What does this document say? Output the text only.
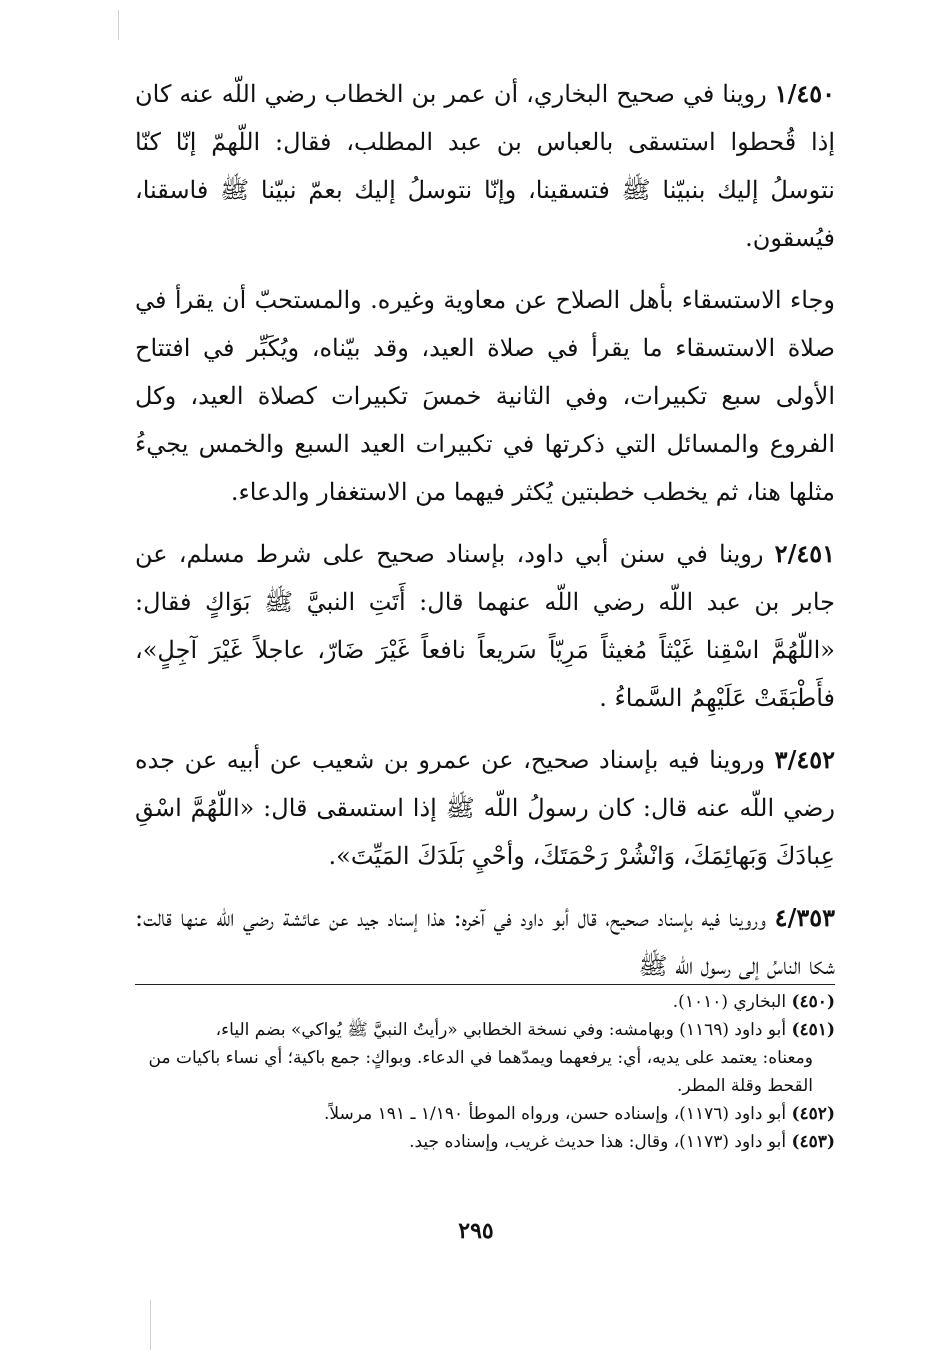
١/٤٥٠ روينا في صحيح البخاري، أن عمر بن الخطاب رضي اللّه عنه كان إذا قُحطوا استسقى بالعباس بن عبد المطلب، فقال: اللّهمّ إنّا كنّا نتوسلُ إليك بنبيّنا ﷺ فتسقينا، وإنّا نتوسلُ إليك بعمّ نبيّنا ﷺ فاسقنا، فيُسقون.

وجاء الاستسقاء بأهل الصلاح عن معاوية وغيره. والمستحبّ أن يقرأ في صلاة الاستسقاء ما يقرأ في صلاة العيد، وقد بيّناه، ويُكَبِّر في افتتاح الأولى سبع تكبيرات، وفي الثانية خمسَ تكبيرات كصلاة العيد، وكل الفروع والمسائل التي ذكرتها في تكبيرات العيد السبع والخمس يجيءُ مثلها هنا، ثم يخطب خطبتين يُكثر فيهما من الاستغفار والدعاء.

٢/٤٥١ روينا في سنن أبي داود، بإسناد صحيح على شرط مسلم، عن جابر بن عبد اللّه رضي اللّه عنهما قال: أَتَتِ النبيَّ ﷺ بَوَاكٍ فقال: «اللّهُمَّ اسْقِنا غَيْثاً مُغيثاً مَرِيّاً سَريعاً نافعاً غَيْرَ ضَارّ، عاجلاً غَيْرَ آجِلٍ»، فأَطْبَقَتْ عَلَيْهِمُ السَّماءُ .

٣/٤٥٢ وروينا فيه بإسناد صحيح، عن عمرو بن شعيب عن أبيه عن جده رضي اللّه عنه قال: كان رسولُ اللّه ﷺ إذا استسقى قال: «اللّهُمَّ اسْقِ عِبادَكَ وَبَهائِمَكَ، وَانْشُرْ رَحْمَتَكَ، وأحْيِ بَلَدَكَ المَيِّتَ».

٤/٣٥٣ وروينا فيه بإسناد صحيح، قال أبو داود في آخره: هذا إسناد جيد عن عائشة رضي اللّه عنها قالت: شكا الناسُ إلى رسول اللّه ﷺ

(٤٥٠) البخاري (١٠١٠).

(٤٥١) أبو داود (١١٦٩) وبهامشه: وفي نسخة الخطابي «رأيتُ النبيَّ ﷺ يُواكي» بضم الياء،

ومعناه: يعتمد على يديه، أي: يرفعهما ويمدّهما في الدعاء. وبواكٍ: جمع باكية؛ أي نساء باكيات من القحط وقلة المطر.

(٤٥٢) أبو داود (١١٧٦)، وإسناده حسن، ورواه الموطأ ١/١٩٠ ـ ١٩١ مرسلاً.

(٤٥٣) أبو داود (١١٧٣)، وقال: هذا حديث غريب، وإسناده جيد.

٢٩٥
